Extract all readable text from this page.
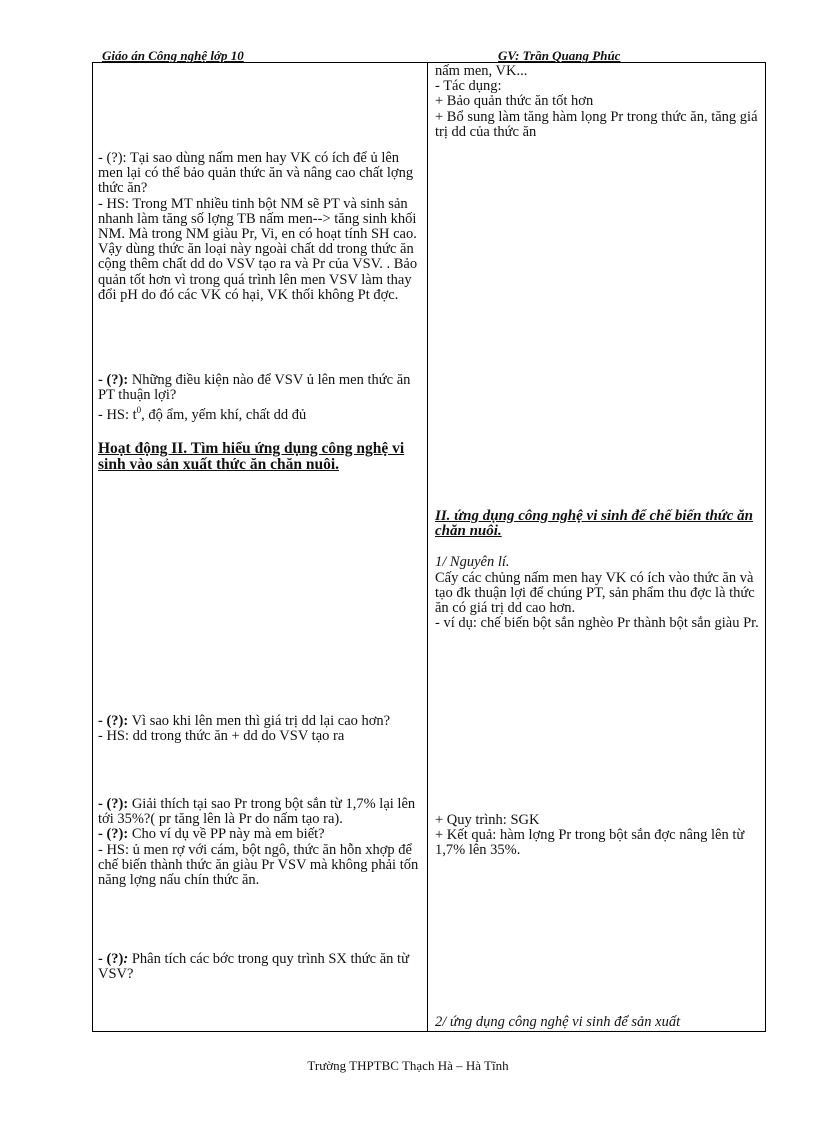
Giáo án Công nghệ lớp 10	GV: Trần Quang Phúc

nấm men, VK...

- Tác dụng:

+ Bảo quản thức ăn tốt hơn

+ Bổ sung làm tăng hàm lọng Pr trong thức ăn, tăng giá trị dd của thức ăn

- (?): Tại sao dùng nấm men hay VK có ích để ủ lên men lại có thể bảo quản thức ăn và nâng cao chất lợng thức ăn?

- HS: Trong MT nhiều tinh bột NM sẽ PT và sinh sản nhanh làm tăng số lợng TB nấm men--> tăng sinh khối NM. Mà trong NM giàu Pr, Vi, en có hoạt tính SH cao. Vậy dùng thức ăn loại này ngoài chất dd trong thức ăn cộng thêm chất dd do VSV tạo ra và Pr của VSV. . Bảo quản tốt hơn vì trong quá trình lên men VSV làm thay đổi pH do đó các VK có hại, VK thối không Pt đợc.

- (?): Những điều kiện nào để VSV ủ lên men thức ăn PT thuận lợi?

- HS: $t^0$, độ ẩm, yếm khí, chất dd đủ

Hoạt động II. Tìm hiểu ứng dụng công nghệ vi sinh vào sản xuất thức ăn chăn nuôi.

II. ứng dụng công nghệ vi sinh để chế biến thức ăn chăn nuôi.

1/ Nguyên lí.

Cấy các chủng nấm men hay VK có ích vào thức ăn và tạo đk thuận lợi để chúng PT, sản phẩm thu đợc là thức ăn có giá trị dd cao hơn.

- ví dụ: chế biến bột sắn nghèo Pr thành bột sắn giàu Pr.

- (?): Vì sao khi lên men thì giá trị dd lại cao hơn?

- HS: dd trong thức ăn + dd do VSV tạo ra

- (?): Giải thích tại sao Pr trong bột sắn từ 1,7% lại lên tới 35%?( pr tăng lên là Pr do nấm tạo ra).

- (?): Cho ví dụ về PP này mà em biết?

- HS: ủ men rợ với cám, bột ngô, thức ăn hỗn xhợp để chế biến thành thức ăn giàu Pr VSV mà không phải tốn năng lợng nấu chín thức ăn.

+ Quy trình: SGK

+ Kết quả: hàm lợng Pr trong bột sắn đợc nâng lên từ 1,7% lên 35%.

- (?): Phân tích các bớc trong quy trình SX thức ăn từ VSV?

2/ ứng dụng công nghệ vi sinh để sản xuất

Trường THPTBC Thạch Hà – Hà Tĩnh
